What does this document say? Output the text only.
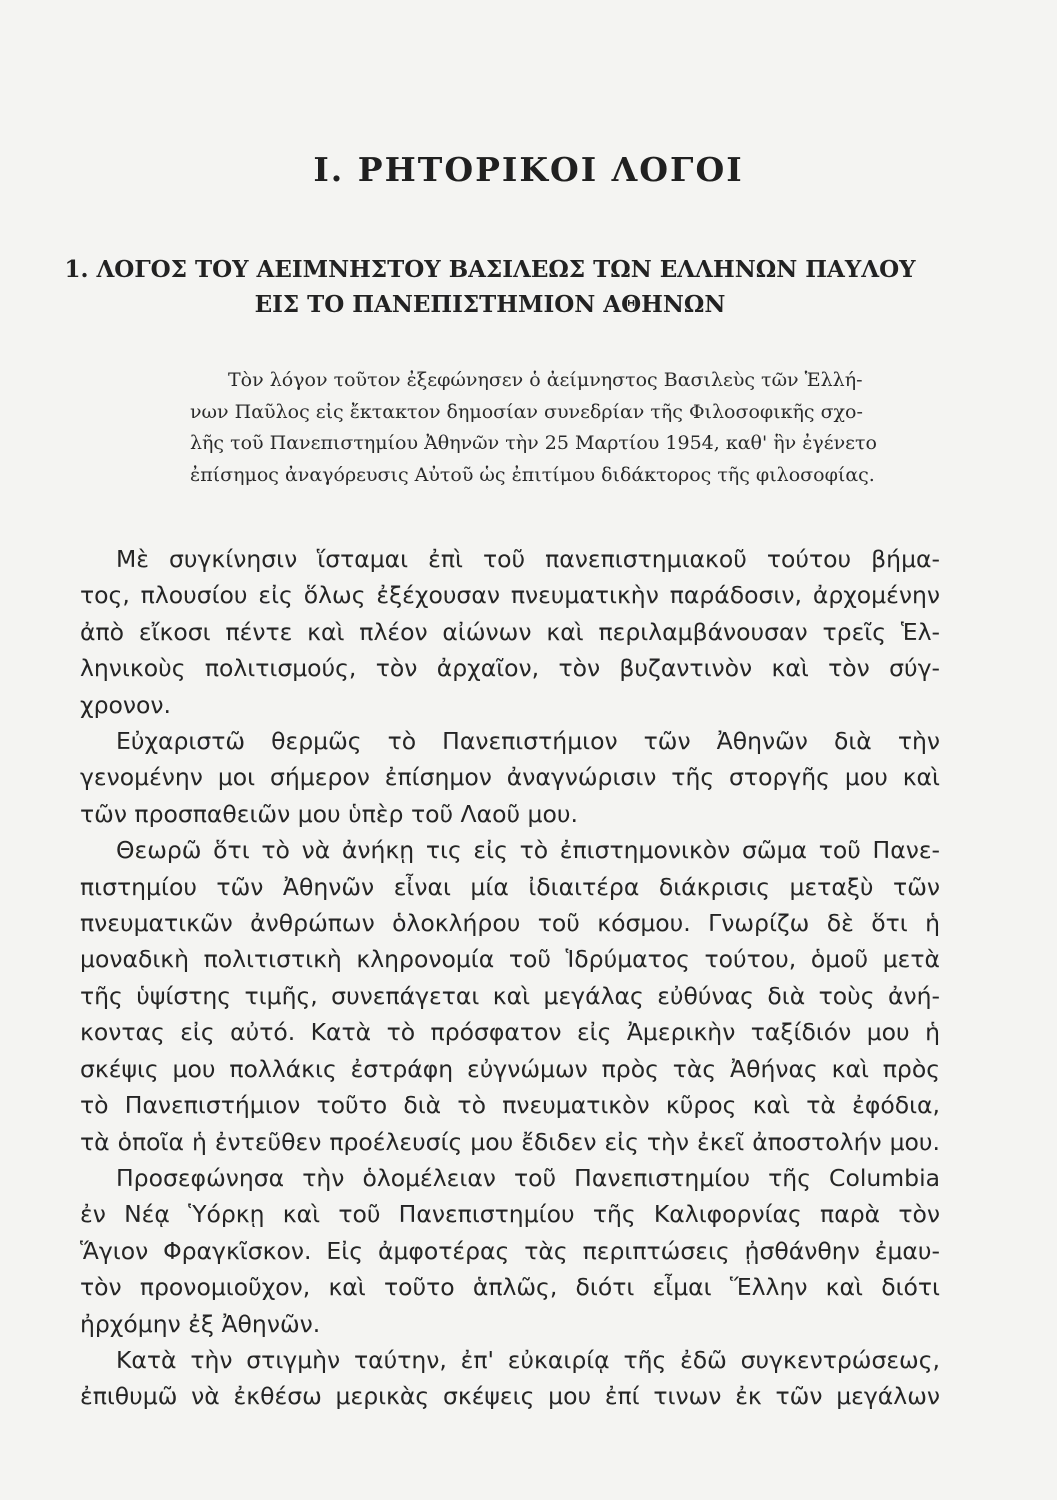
Ι. ΡΗΤΟΡΙΚΟΙ ΛΟΓΟΙ
1. ΛΟΓΟΣ ΤΟΥ ΑΕΙΜΝΗΣΤΟΥ ΒΑΣΙΛΕΩΣ ΤΩΝ ΕΛΛΗΝΩΝ ΠΑΥΛΟΥ
ΕΙΣ ΤΟ ΠΑΝΕΠΙΣΤΗΜΙΟΝ ΑΘΗΝΩΝ
Τὸν λόγον τοῦτον ἐξεφώνησεν ὁ ἀείμνηστος Βασιλεὺς τῶν Ἑλλή-
νων Παῦλος εἰς ἔκτακτον δημοσίαν συνεδρίαν τῆς Φιλοσοφικῆς σχο-
λῆς τοῦ Πανεπιστημίου Ἀθηνῶν τὴν 25 Μαρτίου 1954, καθ' ἣν ἐγένετο
ἐπίσημος ἀναγόρευσις Αὐτοῦ ὡς ἐπιτίμου διδάκτορος τῆς φιλοσοφίας.
Μὲ συγκίνησιν ἵσταμαι ἐπὶ τοῦ πανεπιστημιακοῦ τούτου βήμα-
τος, πλουσίου εἰς ὅλως ἐξέχουσαν πνευματικὴν παράδοσιν, ἀρχομένην
ἀπὸ εἴκοσι πέντε καὶ πλέον αἰώνων καὶ περιλαμβάνουσαν τρεῖς Ἑλ-
ληνικοὺς πολιτισμούς, τὸν ἀρχαῖον, τὸν βυζαντινὸν καὶ τὸν σύγ-
χρονον.
Εὐχαριστῶ θερμῶς τὸ Πανεπιστήμιον τῶν Ἀθηνῶν διὰ τὴν
γενομένην μοι σήμερον ἐπίσημον ἀναγνώρισιν τῆς στοργῆς μου καὶ
τῶν προσπαθειῶν μου ὑπὲρ τοῦ Λαοῦ μου.
Θεωρῶ ὅτι τὸ νὰ ἀνήκῃ τις εἰς τὸ ἐπιστημονικὸν σῶμα τοῦ Πανε-
πιστημίου τῶν Ἀθηνῶν εἶναι μία ἰδιαιτέρα διάκρισις μεταξὺ τῶν
πνευματικῶν ἀνθρώπων ὁλοκλήρου τοῦ κόσμου. Γνωρίζω δὲ ὅτι ἡ
μοναδικὴ πολιτιστικὴ κληρονομία τοῦ Ἱδρύματος τούτου, ὁμοῦ μετὰ
τῆς ὑψίστης τιμῆς, συνεπάγεται καὶ μεγάλας εὐθύνας διὰ τοὺς ἀνή-
κοντας εἰς αὐτό. Κατὰ τὸ πρόσφατον εἰς Ἀμερικὴν ταξίδιόν μου ἡ
σκέψις μου πολλάκις ἐστράφη εὐγνώμων πρὸς τὰς Ἀθήνας καὶ πρὸς
τὸ Πανεπιστήμιον τοῦτο διὰ τὸ πνευματικὸν κῦρος καὶ τὰ ἐφόδια,
τὰ ὁποῖα ἡ ἐντεῦθεν προέλευσίς μου ἔδιδεν εἰς τὴν ἐκεῖ ἀποστολήν μου.
Προσεφώνησα τὴν ὁλομέλειαν τοῦ Πανεπιστημίου τῆς Columbia
ἐν Νέᾳ Ὑόρκῃ καὶ τοῦ Πανεπιστημίου τῆς Καλιφορνίας παρὰ τὸν
Ἅγιον Φραγκῖσκον. Εἰς ἀμφοτέρας τὰς περιπτώσεις ᾐσθάνθην ἐμαυ-
τὸν προνομιοῦχον, καὶ τοῦτο ἁπλῶς, διότι εἶμαι Ἕλλην καὶ διότι
ἠρχόμην ἐξ Ἀθηνῶν.
Κατὰ τὴν στιγμὴν ταύτην, ἐπ' εὐκαιρίᾳ τῆς ἐδῶ συγκεντρώσεως,
ἐπιθυμῶ νὰ ἐκθέσω μερικὰς σκέψεις μου ἐπί τινων ἐκ τῶν μεγάλων
